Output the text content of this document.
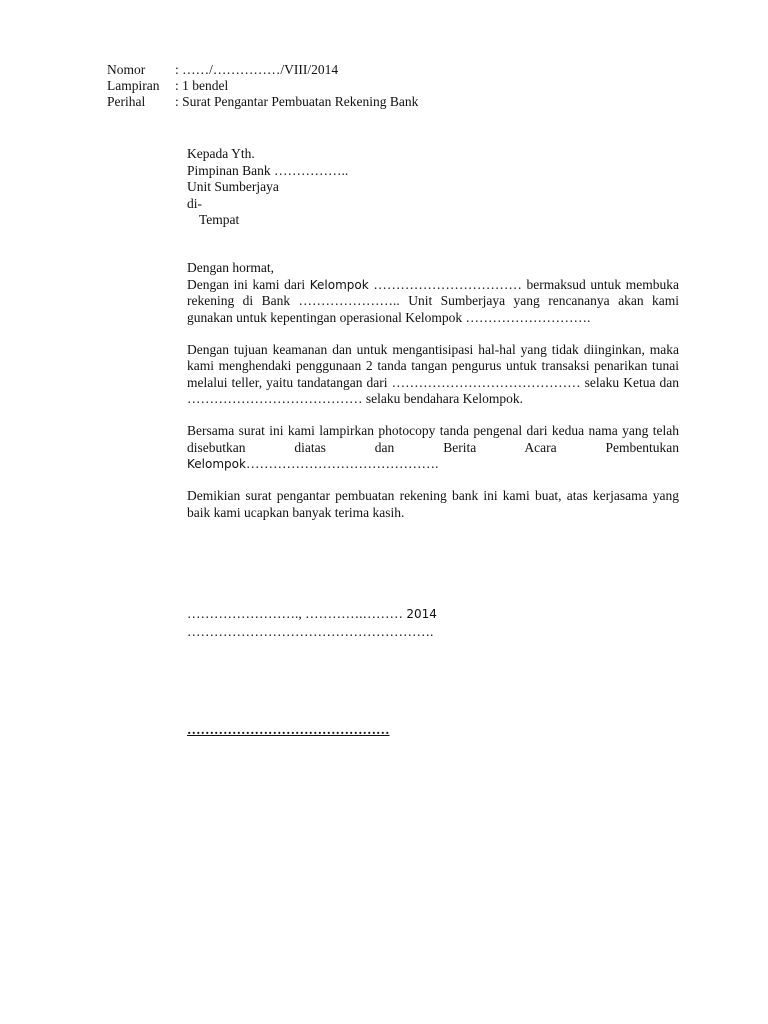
Nomor	: ……/……………/VIII/2014
Lampiran	: 1 bendel
Perihal	: Surat Pengantar Pembuatan Rekening Bank
Kepada Yth.
Pimpinan Bank ……………..
Unit Sumberjaya
di-
Tempat
Dengan hormat,

Dengan ini kami dari Kelompok …………………………… bermaksud untuk membuka rekening di Bank ………………….. Unit Sumberjaya yang rencananya akan kami gunakan untuk kepentingan operasional Kelompok ……………………….

Dengan tujuan keamanan dan untuk mengantisipasi hal-hal yang tidak diinginkan, maka kami menghendaki penggunaan 2 tanda tangan pengurus untuk transaksi penarikan tunai melalui teller, yaitu tandatangan dari …………………………………… selaku Ketua dan ………………………………… selaku bendahara Kelompok.

Bersama surat ini kami lampirkan photocopy tanda pengenal dari kedua nama yang telah disebutkan diatas dan Berita Acara Pembentukan Kelompok…………………………………….

Demikian surat pengantar pembuatan rekening bank ini kami buat, atas kerjasama yang baik kami ucapkan banyak terima kasih.

……………………., ………….……… 2014
……………………………………………….
………………………………………
